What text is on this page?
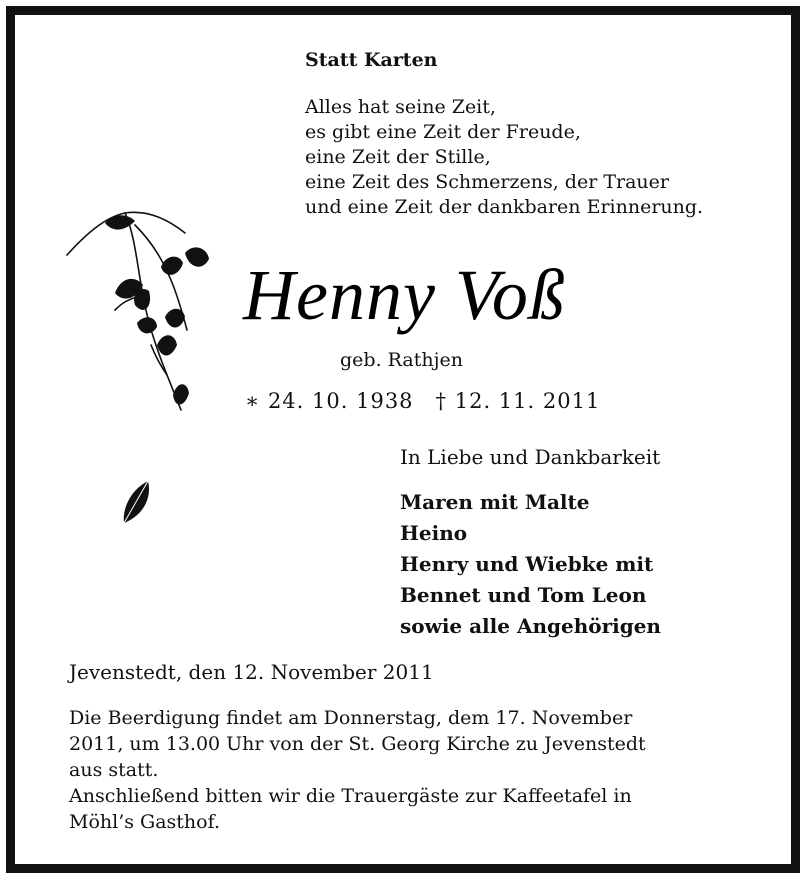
Statt Karten
Alles hat seine Zeit,
es gibt eine Zeit der Freude,
eine Zeit der Stille,
eine Zeit des Schmerzens, der Trauer
und eine Zeit der dankbaren Erinnerung.
Henny Voß
geb. Rathjen
∗ 24. 10. 1938 † 12. 11. 2011
In Liebe und Dankbarkeit
Maren mit Malte
Heino
Henry und Wiebke mit
Bennet und Tom Leon
sowie alle Angehörigen
Jevenstedt, den 12. November 2011
Die Beerdigung findet am Donnerstag, dem 17. November
2011, um 13.00 Uhr von der St. Georg Kirche zu Jevenstedt
aus statt.
Anschließend bitten wir die Trauergäste zur Kaffeetafel in
Möhl’s Gasthof.
